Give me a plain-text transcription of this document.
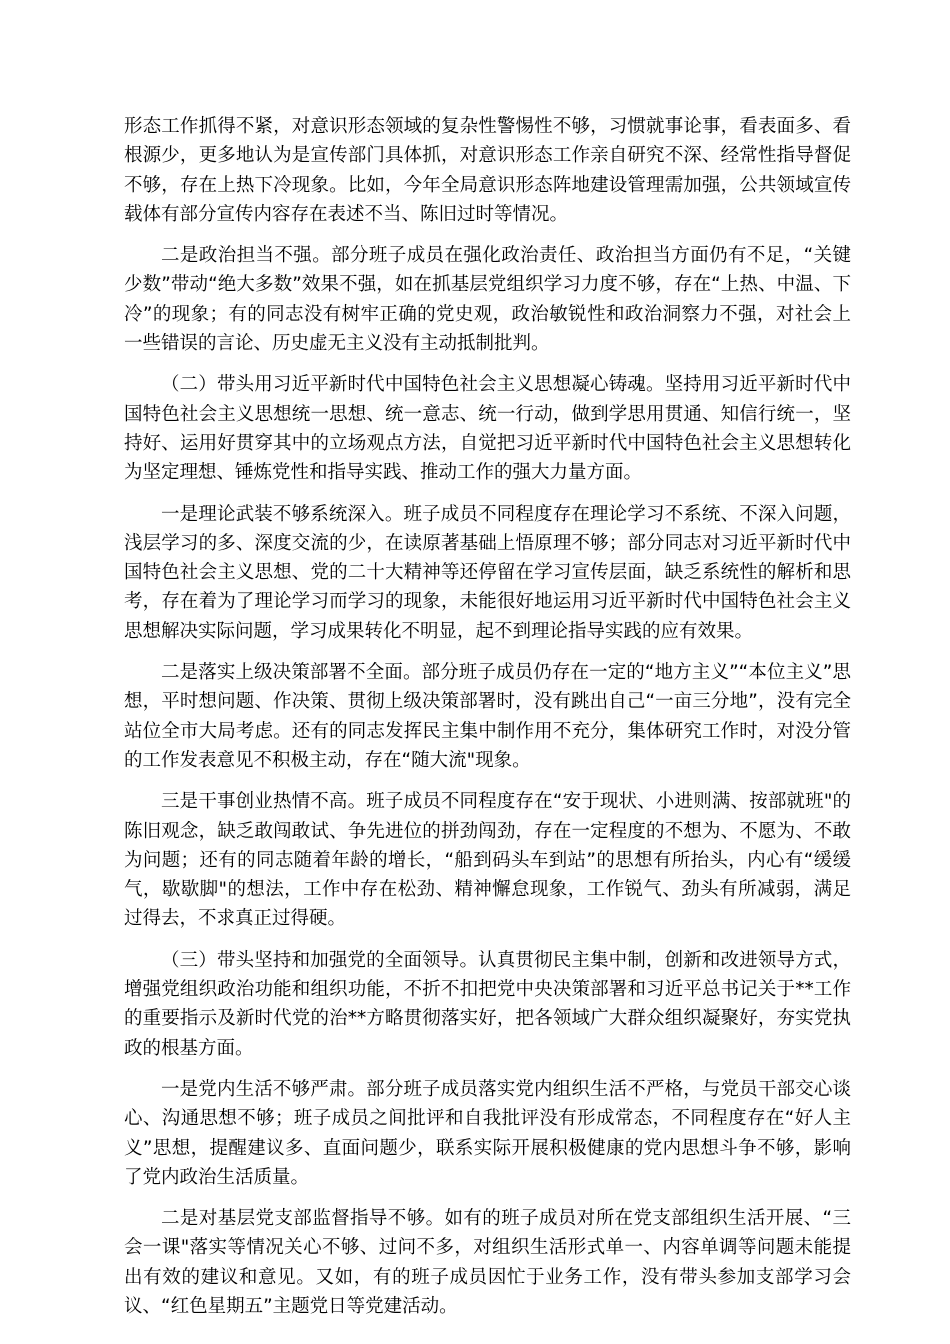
形态工作抓得不紧，对意识形态领域的复杂性警惕性不够，习惯就事论事，看表面多、看根源少，更多地认为是宣传部门具体抓，对意识形态工作亲自研究不深、经常性指导督促不够，存在上热下冷现象。比如，今年全局意识形态阵地建设管理需加强，公共领域宣传载体有部分宣传内容存在表述不当、陈旧过时等情况。

二是政治担当不强。部分班子成员在强化政治责任、政治担当方面仍有不足，“关键少数”带动“绝大多数”效果不强，如在抓基层党组织学习力度不够，存在“上热、中温、下冷”的现象；有的同志没有树牢正确的党史观，政治敏锐性和政治洞察力不强，对社会上一些错误的言论、历史虚无主义没有主动抵制批判。

（二）带头用习近平新时代中国特色社会主义思想凝心铸魂。坚持用习近平新时代中国特色社会主义思想统一思想、统一意志、统一行动，做到学思用贯通、知信行统一，坚持好、运用好贯穿其中的立场观点方法，自觉把习近平新时代中国特色社会主义思想转化为坚定理想、锤炼党性和指导实践、推动工作的强大力量方面。

一是理论武装不够系统深入。班子成员不同程度存在理论学习不系统、不深入问题，浅层学习的多、深度交流的少，在读原著基础上悟原理不够；部分同志对习近平新时代中国特色社会主义思想、党的二十大精神等还停留在学习宣传层面，缺乏系统性的解析和思考，存在着为了理论学习而学习的现象，未能很好地运用习近平新时代中国特色社会主义思想解决实际问题，学习成果转化不明显，起不到理论指导实践的应有效果。

二是落实上级决策部署不全面。部分班子成员仍存在一定的“地方主义”“本位主义”思想，平时想问题、作决策、贯彻上级决策部署时，没有跳出自己“一亩三分地”，没有完全站位全市大局考虑。还有的同志发挥民主集中制作用不充分，集体研究工作时，对没分管的工作发表意见不积极主动，存在“随大流"现象。

三是干事创业热情不高。班子成员不同程度存在“安于现状、小进则满、按部就班"的陈旧观念，缺乏敢闯敢试、争先进位的拼劲闯劲，存在一定程度的不想为、不愿为、不敢为问题；还有的同志随着年龄的增长，“船到码头车到站”的思想有所抬头，内心有“缓缓气，歇歇脚"的想法，工作中存在松劲、精神懈怠现象，工作锐气、劲头有所减弱，满足过得去，不求真正过得硬。

（三）带头坚持和加强党的全面领导。认真贯彻民主集中制，创新和改进领导方式，增强党组织政治功能和组织功能，不折不扣把党中央决策部署和习近平总书记关于**工作的重要指示及新时代党的治**方略贯彻落实好，把各领域广大群众组织凝聚好，夯实党执政的根基方面。

一是党内生活不够严肃。部分班子成员落实党内组织生活不严格，与党员干部交心谈心、沟通思想不够；班子成员之间批评和自我批评没有形成常态，不同程度存在“好人主义”思想，提醒建议多、直面问题少，联系实际开展积极健康的党内思想斗争不够，影响了党内政治生活质量。

二是对基层党支部监督指导不够。如有的班子成员对所在党支部组织生活开展、“三会一课"落实等情况关心不够、过问不多，对组织生活形式单一、内容单调等问题未能提出有效的建议和意见。又如，有的班子成员因忙于业务工作，没有带头参加支部学习会议、“红色星期五”主题党日等党建活动。
